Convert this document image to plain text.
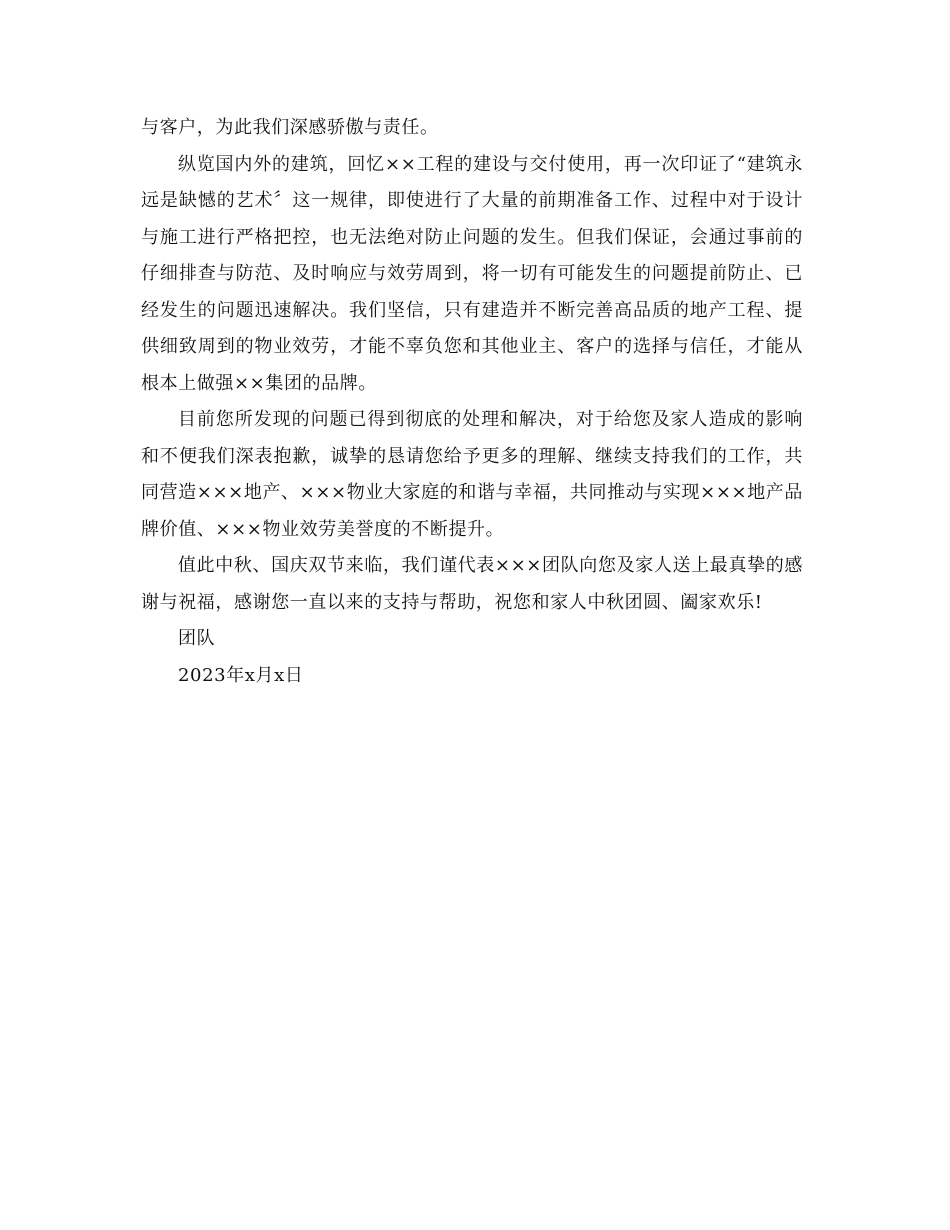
与客户，为此我们深感骄傲与责任。

纵览国内外的建筑，回忆××工程的建设与交付使用，再一次印证了“建筑永远是缺憾的艺术〞这一规律，即使进行了大量的前期准备工作、过程中对于设计与施工进行严格把控，也无法绝对防止问题的发生。但我们保证，会通过事前的仔细排查与防范、及时响应与效劳周到，将一切有可能发生的问题提前防止、已经发生的问题迅速解决。我们坚信，只有建造并不断完善高品质的地产工程、提供细致周到的物业效劳，才能不辜负您和其他业主、客户的选择与信任，才能从根本上做强××集团的品牌。

目前您所发现的问题已得到彻底的处理和解决，对于给您及家人造成的影响和不便我们深表抱歉，诚挚的恳请您给予更多的理解、继续支持我们的工作，共同营造×××地产、×××物业大家庭的和谐与幸福，共同推动与实现×××地产品牌价值、×××物业效劳美誉度的不断提升。

值此中秋、国庆双节来临，我们谨代表×××团队向您及家人送上最真挚的感谢与祝福，感谢您一直以来的支持与帮助，祝您和家人中秋团圆、阖家欢乐!

团队

2023年x月x日
